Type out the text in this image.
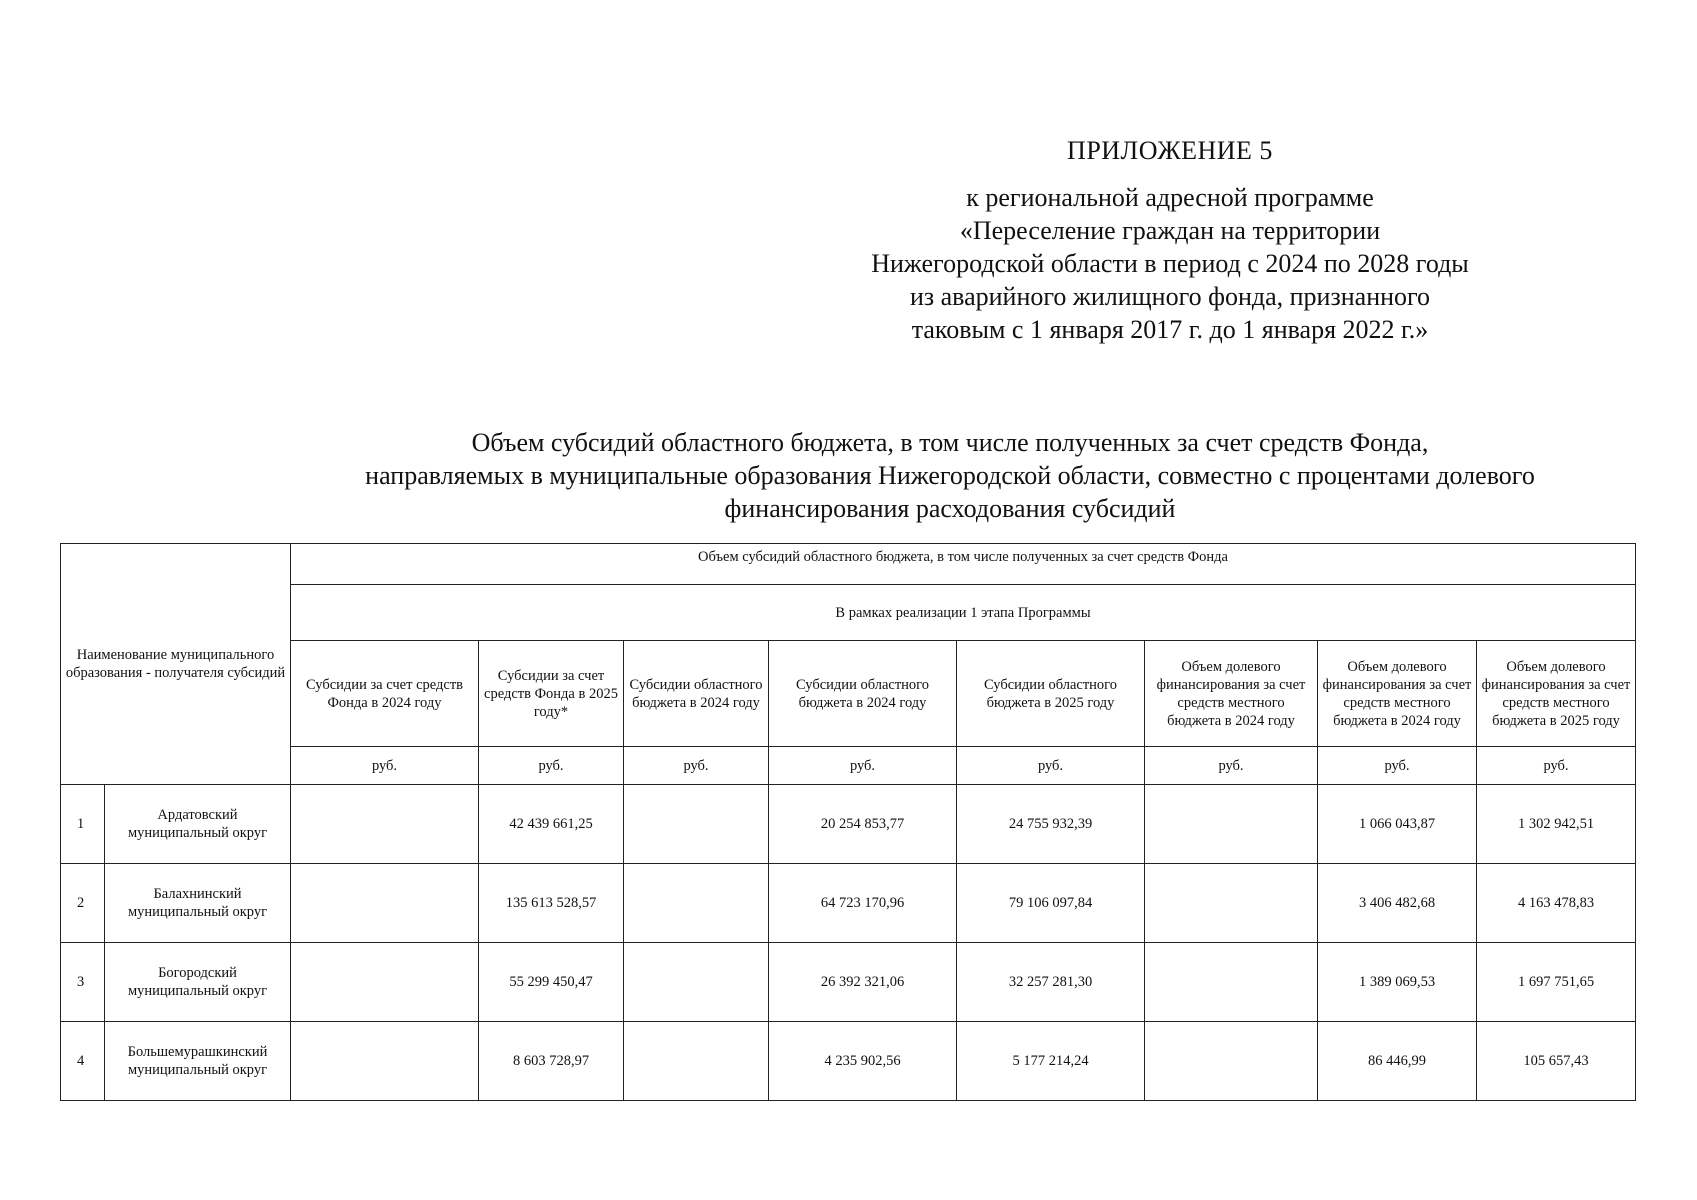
ПРИЛОЖЕНИЕ 5
к региональной адресной программе
«Переселение граждан на территории
Нижегородской области в период с 2024 по 2028 годы
из аварийного жилищного фонда, признанного
таковым с 1 января 2017 г. до 1 января 2022 г.»
Объем субсидий областного бюджета, в том числе полученных за счет средств Фонда,
направляемых в муниципальные образования Нижегородской области, совместно с процентами долевого
финансирования расходования субсидий
Наименование муниципального образования - получателя субсидий		Объем субсидий областного бюджета, в том числе полученных за счет средств Фонда							
		В рамках реализации 1 этапа Программы							
		Субсидии за счет средств Фонда в 2024 году	Субсидии за счет средств Фонда в 2025 году*	Субсидии областного бюджета в 2024 году	Субсидии областного бюджета в 2024 году	Субсидии областного бюджета в 2025 году	Объем долевого финансирования за счет средств местного бюджета в 2024 году	Объем долевого финансирования за счет средств местного бюджета в 2024 году	Объем долевого финансирования за счет средств местного бюджета в 2025 году
		руб.	руб.	руб.	руб.	руб.	руб.	руб.	руб.
1	Ардатовский муниципальный округ		42 439 661,25		20 254 853,77	24 755 932,39		1 066 043,87	1 302 942,51
2	Балахнинский муниципальный округ		135 613 528,57		64 723 170,96	79 106 097,84		3 406 482,68	4 163 478,83
3	Богородский муниципальный округ		55 299 450,47		26 392 321,06	32 257 281,30		1 389 069,53	1 697 751,65
4	Большемурашкинский муниципальный округ		8 603 728,97		4 235 902,56	5 177 214,24		86 446,99	105 657,43
